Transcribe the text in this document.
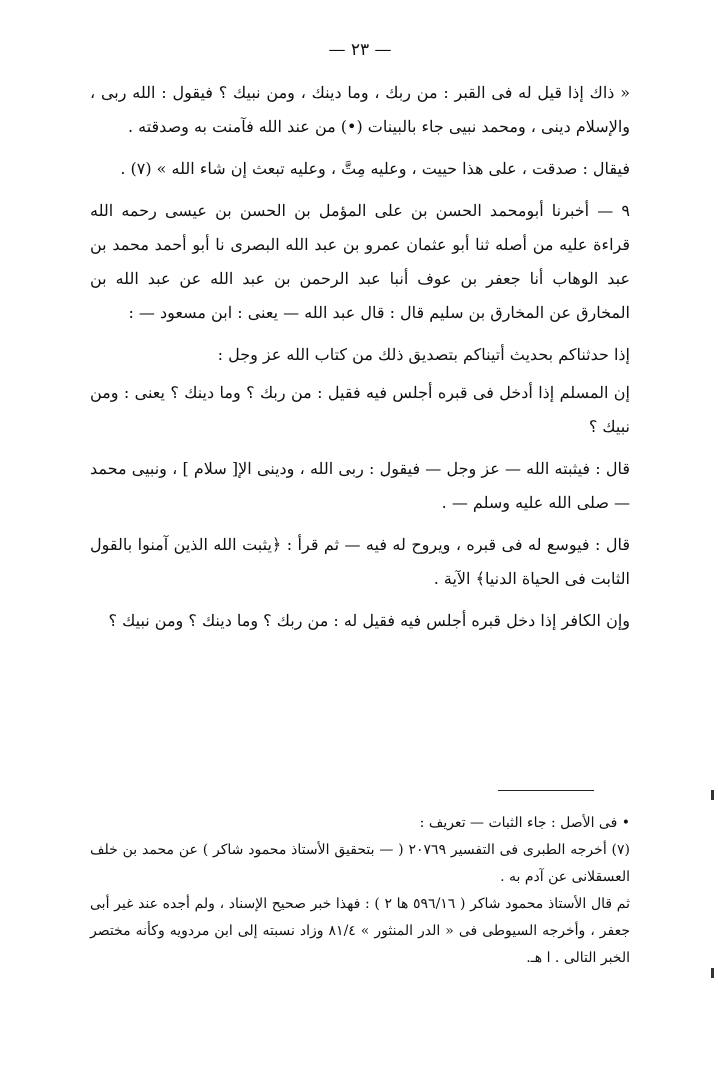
— ٢٣ —

« ذاك إذا قيل له فى القبر : من ربك ، وما دينك ، ومن نبيك ؟ فيقول : الله ربى ، والإسلام دينى ، ومحمد نبيى جاء بالبينات (•) من عند الله فآمنت به وصدقته .

فيقال : صدقت ، على هذا حييت ، وعليه مِتَّ ، وعليه تبعث إن شاء الله » (٧) .

٩ — أخبرنا أبومحمد الحسن بن على المؤمل بن الحسن بن عيسى رحمه الله قراءة عليه من أصله ثنا أبو عثمان عمرو بن عبد الله البصرى نا أبو أحمد محمد بن عبد الوهاب أنا جعفر بن عوف أنبا عبد الرحمن بن عبد الله عن عبد الله بن المخارق عن المخارق بن سليم قال : قال عبد الله — يعنى : ابن مسعود — :

إذا حدثناكم بحديث أتيناكم بتصديق ذلك من كتاب الله عز وجل :

إن المسلم إذا أدخل فى قبره أجلس فيه فقيل : من ربك ؟ وما دينك ؟ يعنى : ومن نبيك ؟

قال : فيثبته الله — عز وجل — فيقول : ربى الله ، ودينى الإ[ سلام ] ، ونبيى محمد — صلى الله عليه وسلم — .

قال : فيوسع له فى قبره ، ويروح له فيه — ثم قرأ : ﴿يثبت الله الذين آمنوا بالقول الثابت فى الحياة الدنيا﴾ الآية .

وإن الكافر إذا دخل قبره أجلس فيه فقيل له : من ربك ؟ وما دينك ؟ ومن نبيك ؟

• فى الأصل : جاء الثبات — تعريف :

(٧) أخرجه الطبرى فى التفسير ٢٠٧٦٩ ( — بتحقيق الأستاذ محمود شاكر ) عن محمد بن خلف العسقلانى عن آدم به .

ثم قال الأستاذ محمود شاكر ( ٥٩٦/١٦ ها ٢ ) : فهذا خبر صحيح الإسناد ، ولم أجده عند غير أبى جعفر ، وأخرجه السيوطى فى « الدر المنثور » ٨١/٤ وزاد نسبته إلى ابن مردويه وكأنه مختصر الخبر التالى . ا هـ.
